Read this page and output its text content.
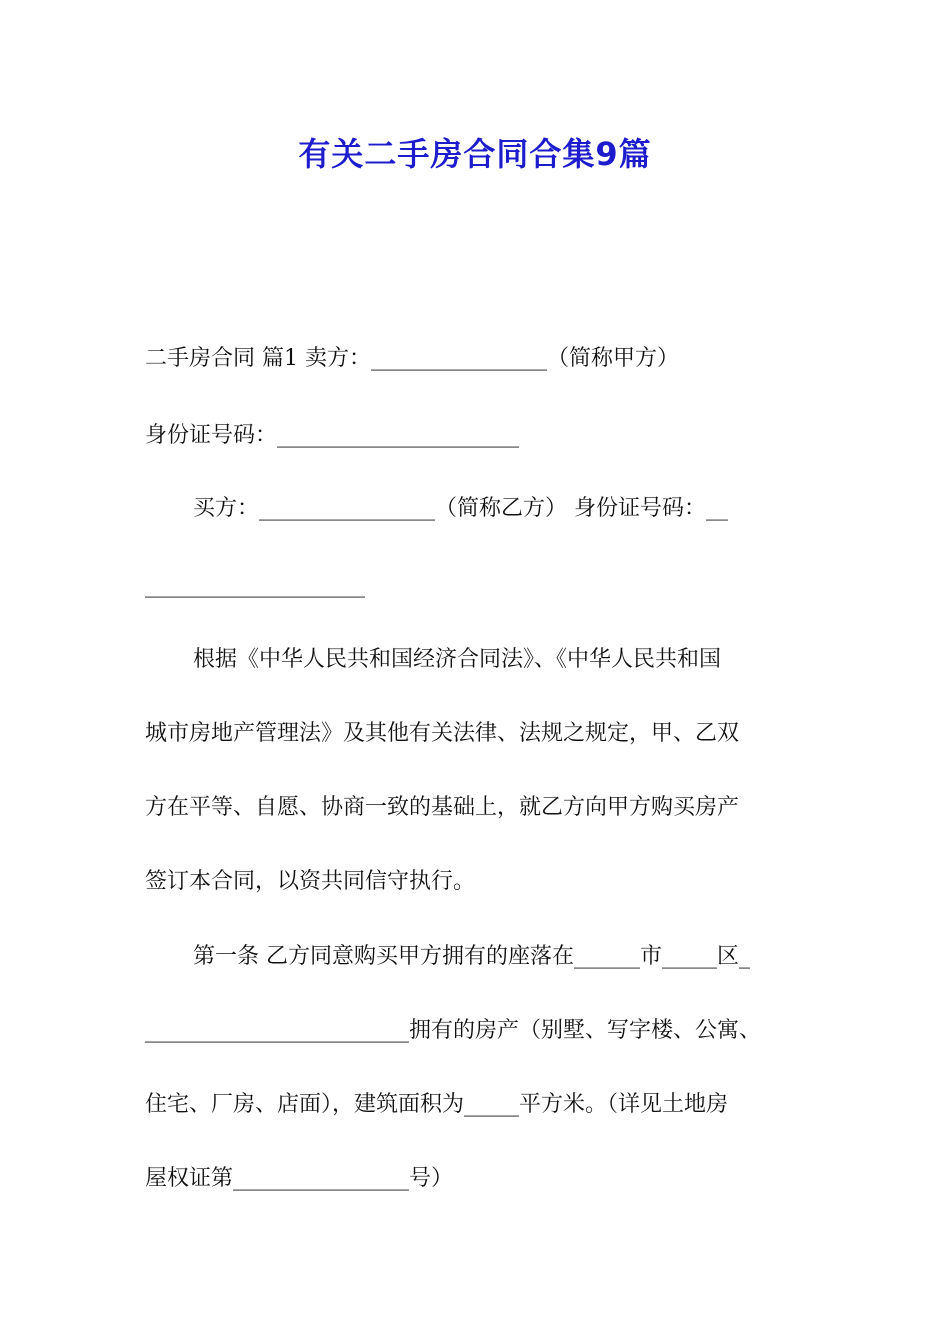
有关二手房合同合集9篇
二手房合同 篇1 卖方：________________（简称甲方）
身份证号码：______________________
买方：________________（简称乙方） 身份证号码：__
____________________
根据《中华人民共和国经济合同法》、《中华人民共和国
城市房地产管理法》及其他有关法律、法规之规定，甲、乙双
方在平等、自愿、协商一致的基础上，就乙方向甲方购买房产
签订本合同，以资共同信守执行。
第一条 乙方同意购买甲方拥有的座落在______市_____区_
________________________拥有的房产（别墅、写字楼、公寓、
住宅、厂房、店面），建筑面积为_____平方米。（详见土地房
屋权证第________________号）
